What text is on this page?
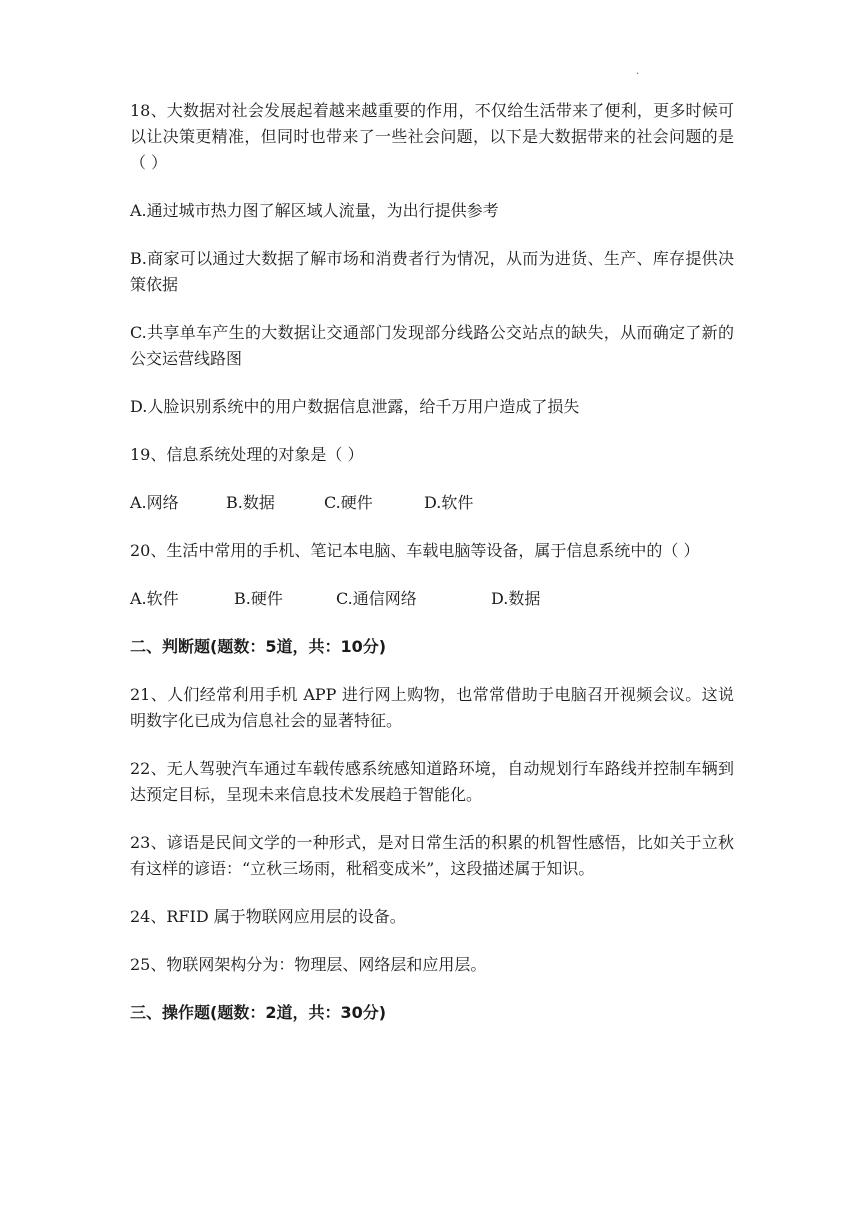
.

18、大数据对社会发展起着越来越重要的作用，不仅给生活带来了便利，更多时候可以让决策更精准，但同时也带来了一些社会问题，以下是大数据带来的社会问题的是（ ）

A.通过城市热力图了解区域人流量，为出行提供参考

B.商家可以通过大数据了解市场和消费者行为情况，从而为进货、生产、库存提供决策依据

C.共享单车产生的大数据让交通部门发现部分线路公交站点的缺失，从而确定了新的公交运营线路图

D.人脸识别系统中的用户数据信息泄露，给千万用户造成了损失

19、信息系统处理的对象是（ ）

A.网络	B.数据	C.硬件	D.软件

20、生活中常用的手机、笔记本电脑、车载电脑等设备，属于信息系统中的（ ）

A.软件	B.硬件	C.通信网络	D.数据
二、判断题(题数：5道，共：10分)

21、人们经常利用手机 APP 进行网上购物，也常常借助于电脑召开视频会议。这说明数字化已成为信息社会的显著特征。

22、无人驾驶汽车通过车载传感系统感知道路环境，自动规划行车路线并控制车辆到达预定目标，呈现未来信息技术发展趋于智能化。

23、谚语是民间文学的一种形式，是对日常生活的积累的机智性感悟，比如关于立秋有这样的谚语：“立秋三场雨，秕稻变成米”，这段描述属于知识。

24、RFID 属于物联网应用层的设备。

25、物联网架构分为：物理层、网络层和应用层。

三、操作题(题数：2道，共：30分)
